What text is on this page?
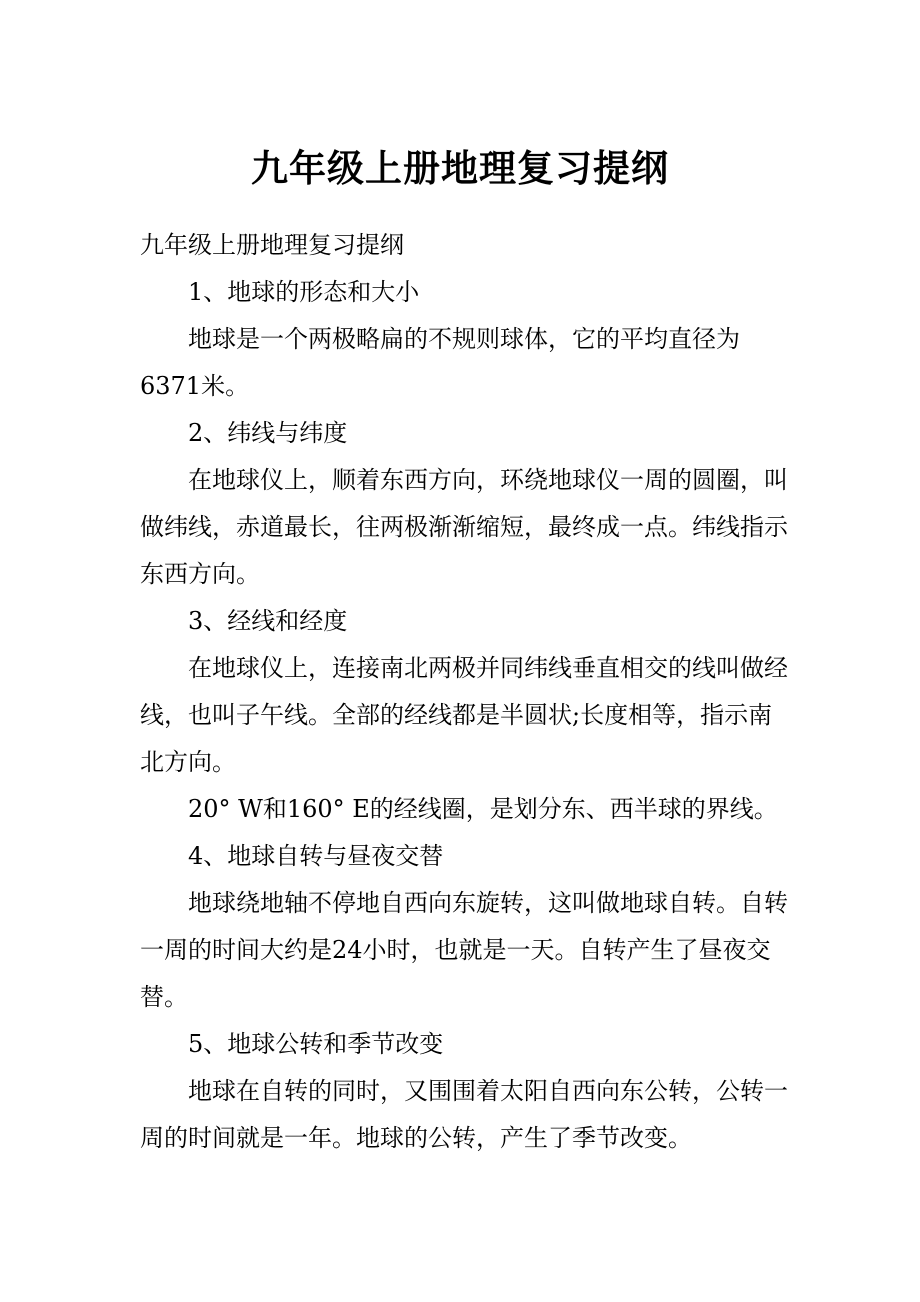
九年级上册地理复习提纲

九年级上册地理复习提纲

1、地球的形态和大小

地球是一个两极略扁的不规则球体，它的平均直径为6371米。

2、纬线与纬度

在地球仪上，顺着东西方向，环绕地球仪一周的圆圈，叫做纬线，赤道最长，往两极渐渐缩短，最终成一点。纬线指示东西方向。

3、经线和经度

在地球仪上，连接南北两极并同纬线垂直相交的线叫做经线，也叫子午线。全部的经线都是半圆状;长度相等，指示南北方向。

20° W和160° E的经线圈，是划分东、西半球的界线。

4、地球自转与昼夜交替

地球绕地轴不停地自西向东旋转，这叫做地球自转。自转一周的时间大约是24小时，也就是一天。自转产生了昼夜交替。

5、地球公转和季节改变

地球在自转的同时，又围围着太阳自西向东公转，公转一周的时间就是一年。地球的公转，产生了季节改变。
